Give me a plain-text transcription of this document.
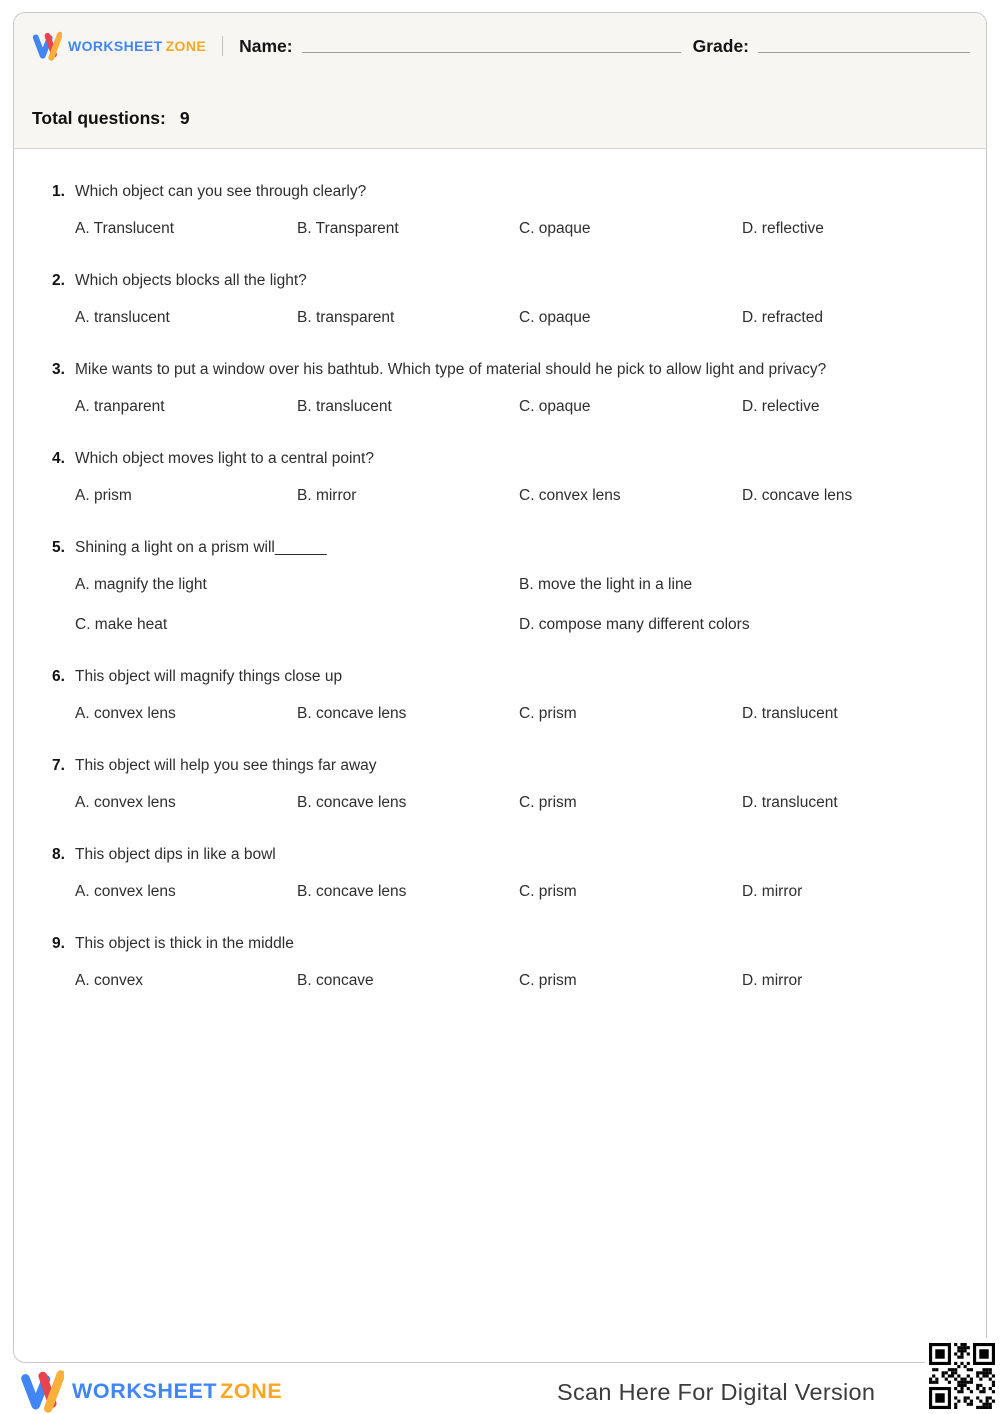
WORKSHEET ZONE Name:	Grade:
Total questions: 9
1. Which object can you see through clearly?
A. Translucent	B. Transparent	C. opaque	D. reflective
2. Which objects blocks all the light?
A. translucent	B. transparent	C. opaque	D. refracted
3. Mike wants to put a window over his bathtub. Which type of material should he pick to allow light and privacy?
A. tranparent	B. translucent	C. opaque	D. relective
4. Which object moves light to a central point?
A. prism	B. mirror	C. convex lens	D. concave lens
5. Shining a light on a prism will______
A. magnify the light	B. move the light in a line
C. make heat	D. compose many different colors
6. This object will magnify things close up
A. convex lens	B. concave lens	C. prism	D. translucent
7. This object will help you see things far away
A. convex lens	B. concave lens	C. prism	D. translucent
8. This object dips in like a bowl
A. convex lens	B. concave lens	C. prism	D. mirror
9. This object is thick in the middle
A. convex	B. concave	C. prism	D. mirror
WORKSHEET ZONE	Scan Here For Digital Version
